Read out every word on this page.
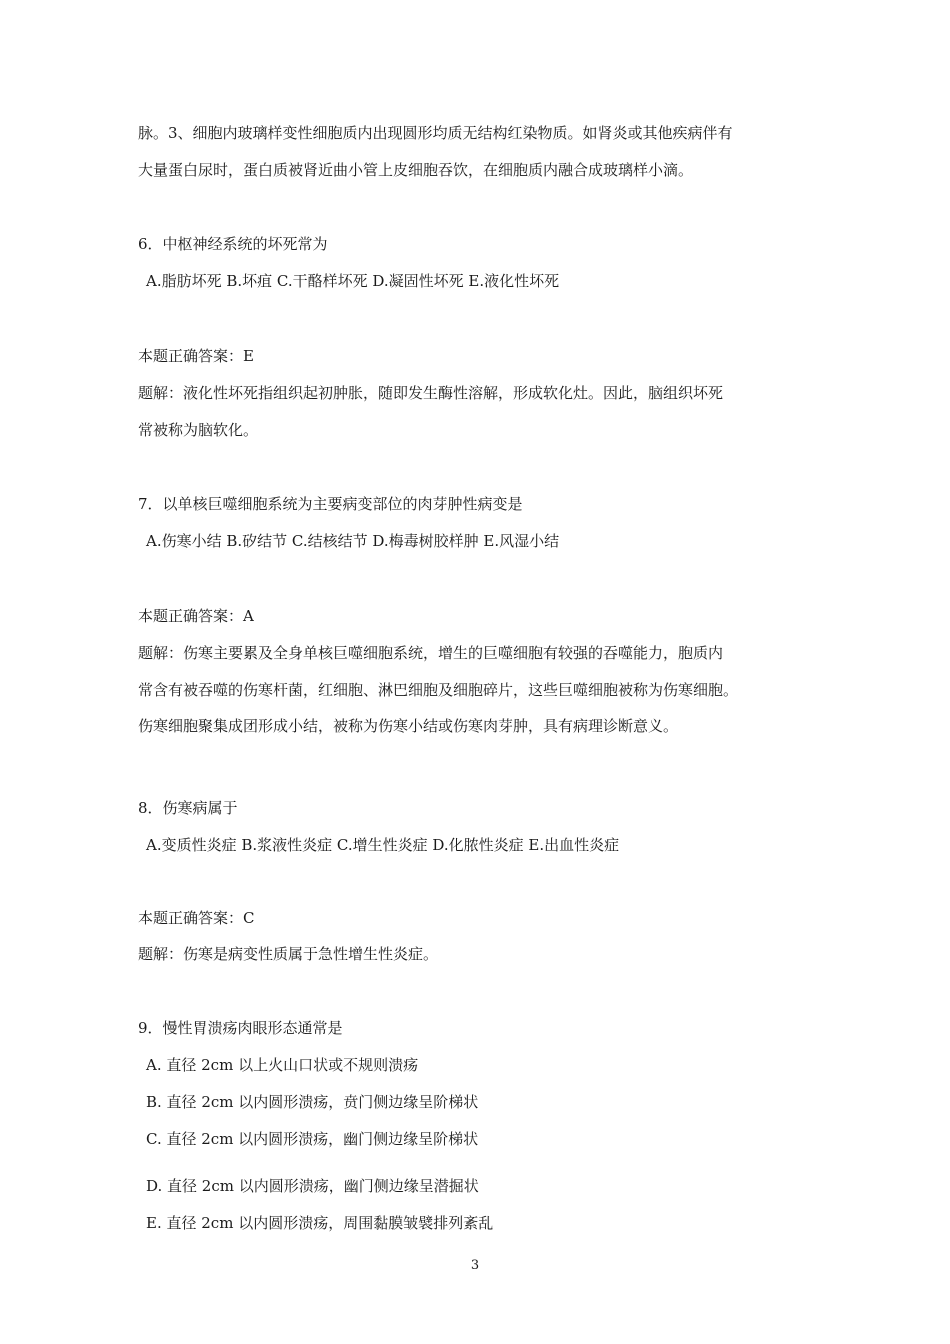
脉。3、细胞内玻璃样变性细胞质内出现圆形均质无结构红染物质。如肾炎或其他疾病伴有
大量蛋白尿时，蛋白质被肾近曲小管上皮细胞吞饮，在细胞质内融合成玻璃样小滴。
6．中枢神经系统的坏死常为
A.脂肪坏死 B.坏疽 C.干酪样坏死 D.凝固性坏死 E.液化性坏死
本题正确答案：E
题解：液化性坏死指组织起初肿胀，随即发生酶性溶解，形成软化灶。因此，脑组织坏死
常被称为脑软化。
7．以单核巨噬细胞系统为主要病变部位的肉芽肿性病变是
A.伤寒小结 B.矽结节 C.结核结节 D.梅毒树胶样肿 E.风湿小结
本题正确答案：A
题解：伤寒主要累及全身单核巨噬细胞系统，增生的巨噬细胞有较强的吞噬能力，胞质内
常含有被吞噬的伤寒杆菌，红细胞、淋巴细胞及细胞碎片，这些巨噬细胞被称为伤寒细胞。
伤寒细胞聚集成团形成小结，被称为伤寒小结或伤寒肉芽肿，具有病理诊断意义。
8．伤寒病属于
A.变质性炎症 B.浆液性炎症 C.增生性炎症 D.化脓性炎症 E.出血性炎症
本题正确答案：C
题解：伤寒是病变性质属于急性增生性炎症。
9．慢性胃溃疡肉眼形态通常是
A. 直径 2cm 以上火山口状或不规则溃疡
B. 直径 2cm 以内圆形溃疡，贲门侧边缘呈阶梯状
C. 直径 2cm 以内圆形溃疡，幽门侧边缘呈阶梯状
D. 直径 2cm 以内圆形溃疡，幽门侧边缘呈潜掘状
E. 直径 2cm 以内圆形溃疡，周围黏膜皱襞排列紊乱
3
